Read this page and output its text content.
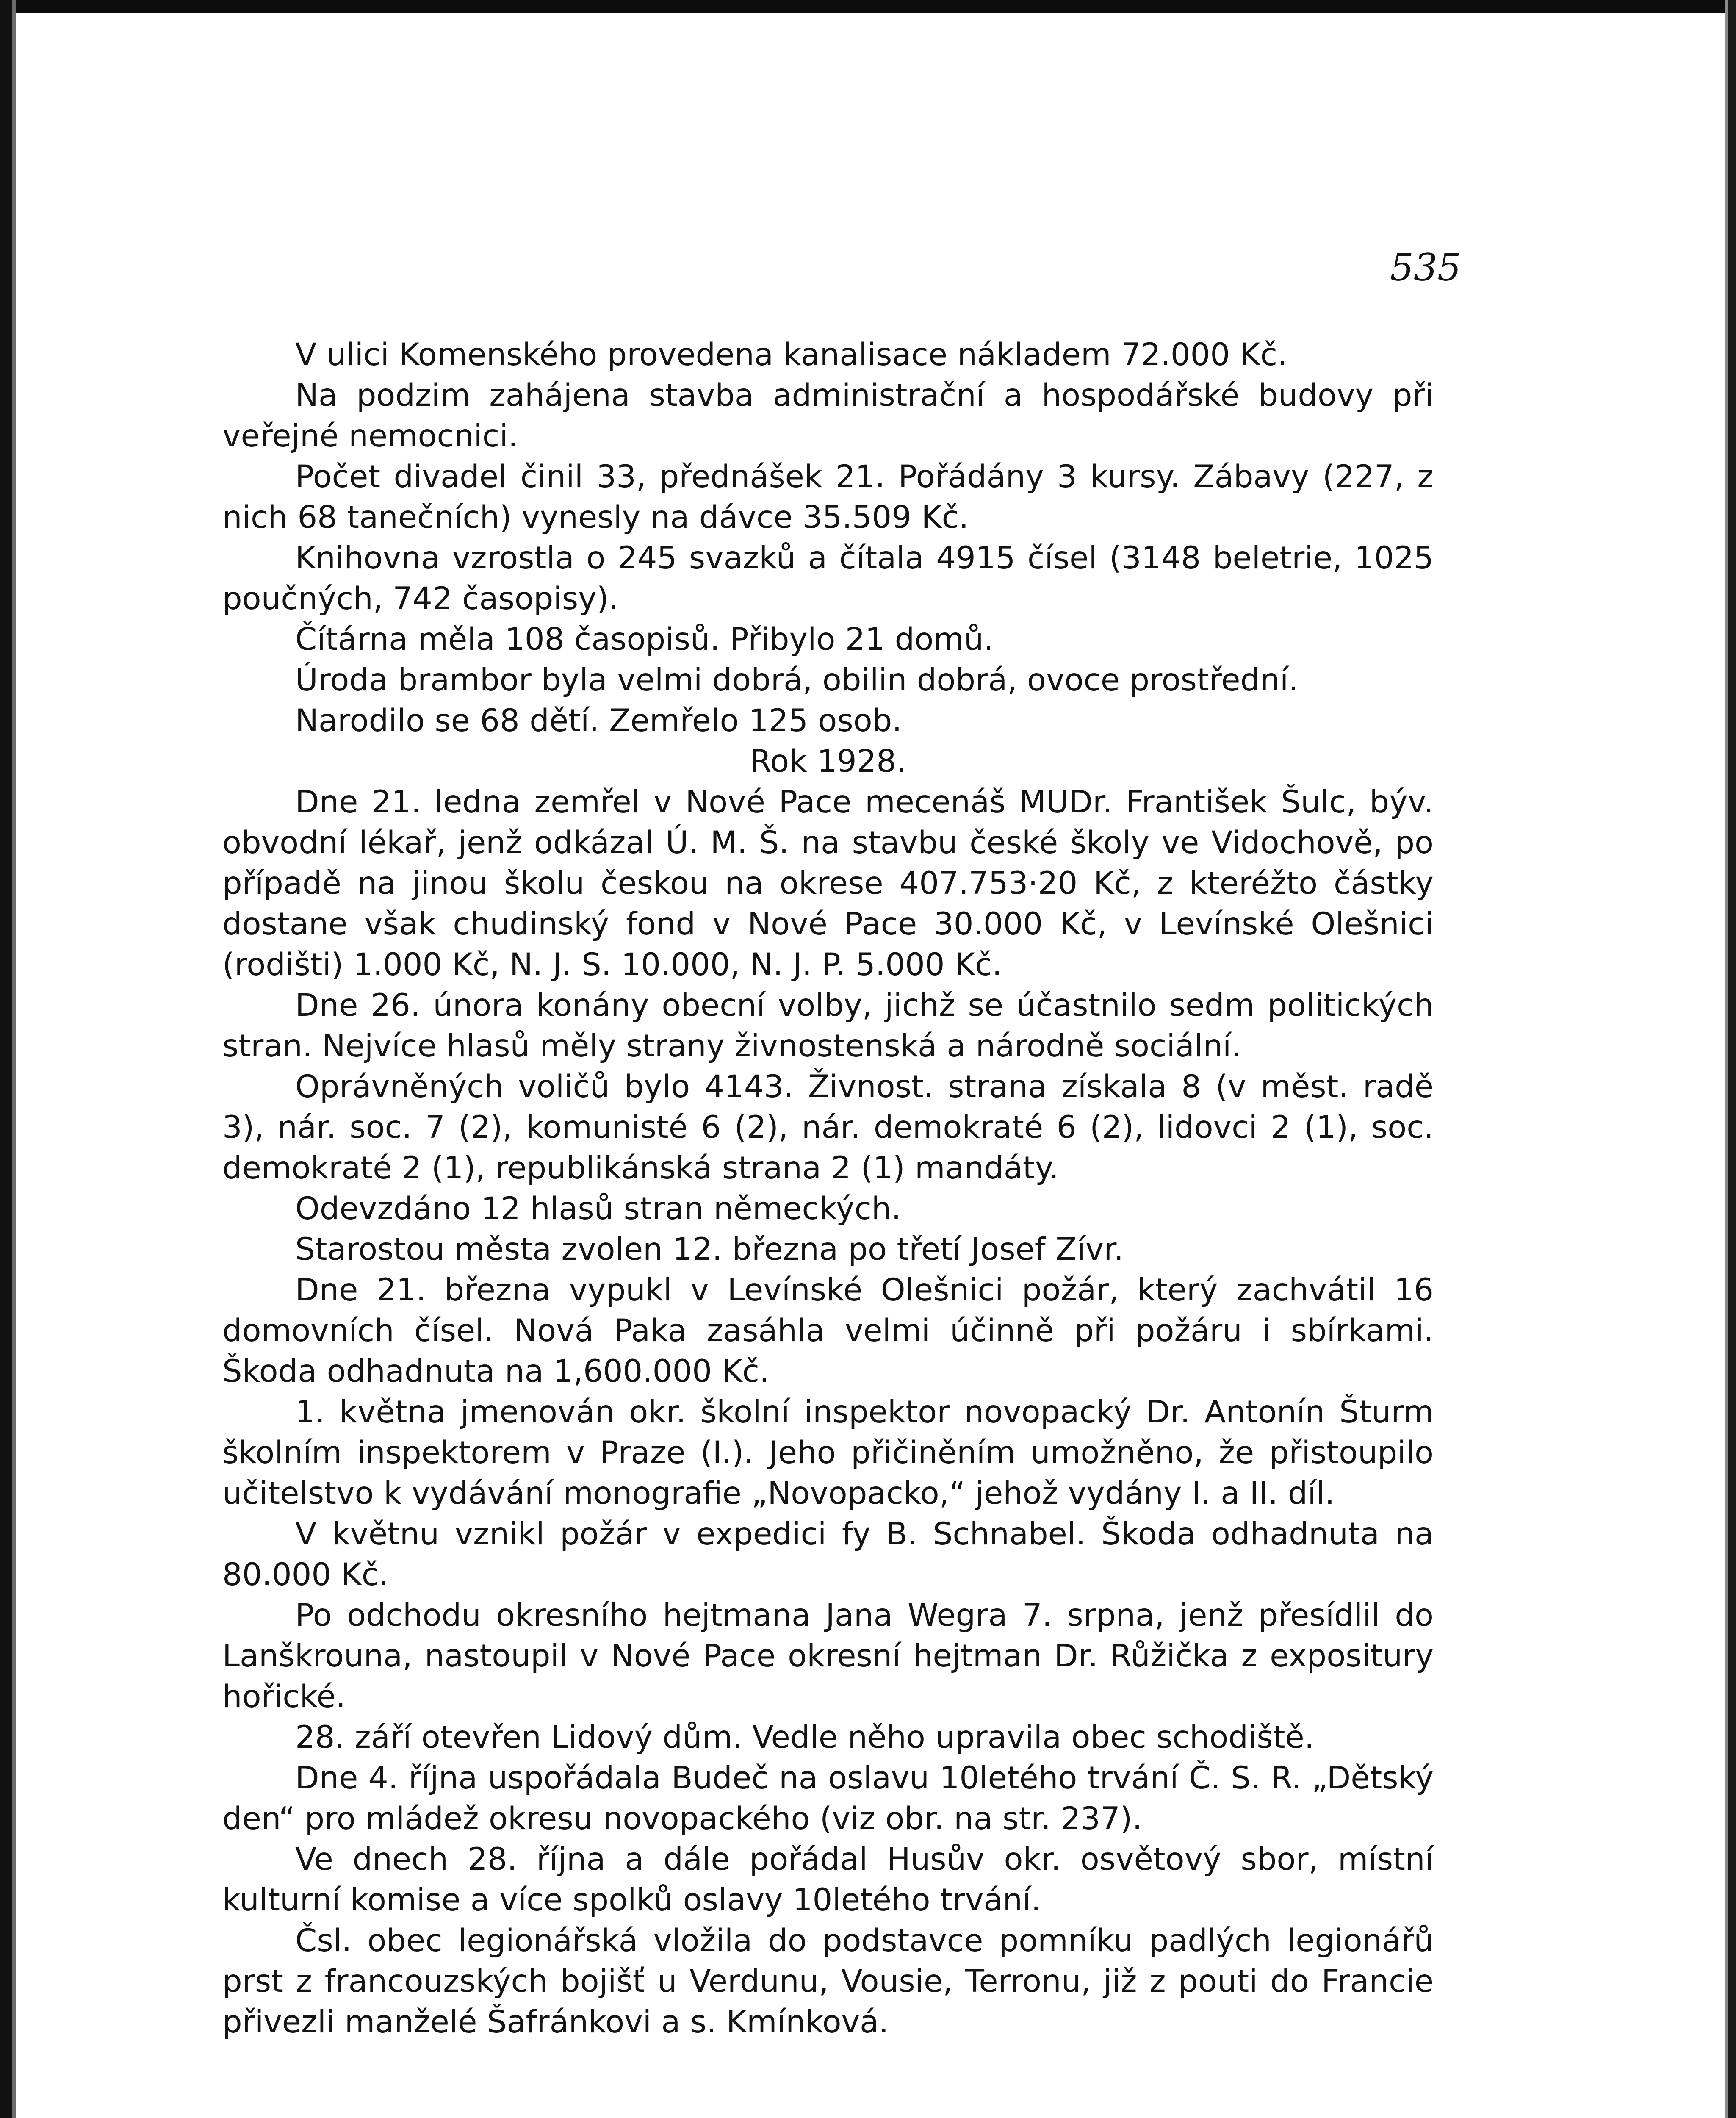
535

V ulici Komenského provedena kanalisace nákladem 72.000 Kč.

Na podzim zahájena stavba administrační a hospodářské budovy při veřejné nemocnici.

Počet divadel činil 33, přednášek 21. Pořádány 3 kursy. Zábavy (227, z nich 68 tanečních) vynesly na dávce 35.509 Kč.

Knihovna vzrostla o 245 svazků a čítala 4915 čísel (3148 beletrie, 1025 poučných, 742 časopisy).

Čítárna měla 108 časopisů. Přibylo 21 domů.

Úroda brambor byla velmi dobrá, obilin dobrá, ovoce prostřední.

Narodilo se 68 dětí. Zemřelo 125 osob.

Rok 1928.

Dne 21. ledna zemřel v Nové Pace mecenáš MUDr. František Šulc, býv. obvodní lékař, jenž odkázal Ú. M. Š. na stavbu české školy ve Vidochově, po případě na jinou školu českou na okrese 407.753·20 Kč, z kteréžto částky dostane však chudinský fond v Nové Pace 30.000 Kč, v Levínské Olešnici (rodišti) 1.000 Kč, N. J. S. 10.000, N. J. P. 5.000 Kč.

Dne 26. února konány obecní volby, jichž se účastnilo sedm politických stran. Nejvíce hlasů měly strany živnostenská a národně sociální.

Oprávněných voličů bylo 4143. Živnost. strana získala 8 (v měst. radě 3), nár. soc. 7 (2), komunisté 6 (2), nár. demokraté 6 (2), lidovci 2 (1), soc. demokraté 2 (1), republikánská strana 2 (1) mandáty.

Odevzdáno 12 hlasů stran německých.

Starostou města zvolen 12. března po třetí Josef Zívr.

Dne 21. března vypukl v Levínské Olešnici požár, který zachvátil 16 domovních čísel. Nová Paka zasáhla velmi účinně při požáru i sbírkami. Škoda odhadnuta na 1,600.000 Kč.

1. května jmenován okr. školní inspektor novopacký Dr. Antonín Šturm školním inspektorem v Praze (I.). Jeho přičiněním umožněno, že přistoupilo učitelstvo k vydávání monografie „Novopacko,“ jehož vydány I. a II. díl.

V květnu vznikl požár v expedici fy B. Schnabel. Škoda odhadnuta na 80.000 Kč.

Po odchodu okresního hejtmana Jana Wegra 7. srpna, jenž přesídlil do Lanškrouna, nastoupil v Nové Pace okresní hejtman Dr. Růžička z expositury hořické.

28. září otevřen Lidový dům. Vedle něho upravila obec schodiště.

Dne 4. října uspořádala Budeč na oslavu 10letého trvání Č. S. R. „Dětský den“ pro mládež okresu novopackého (viz obr. na str. 237).

Ve dnech 28. října a dále pořádal Husův okr. osvětový sbor, místní kulturní komise a více spolků oslavy 10letého trvání.

Čsl. obec legionářská vložila do podstavce pomníku padlých legionářů prst z francouzských bojišť u Verdunu, Vousie, Terronu, již z pouti do Francie přivezli manželé Šafránkovi a s. Kmínková.
